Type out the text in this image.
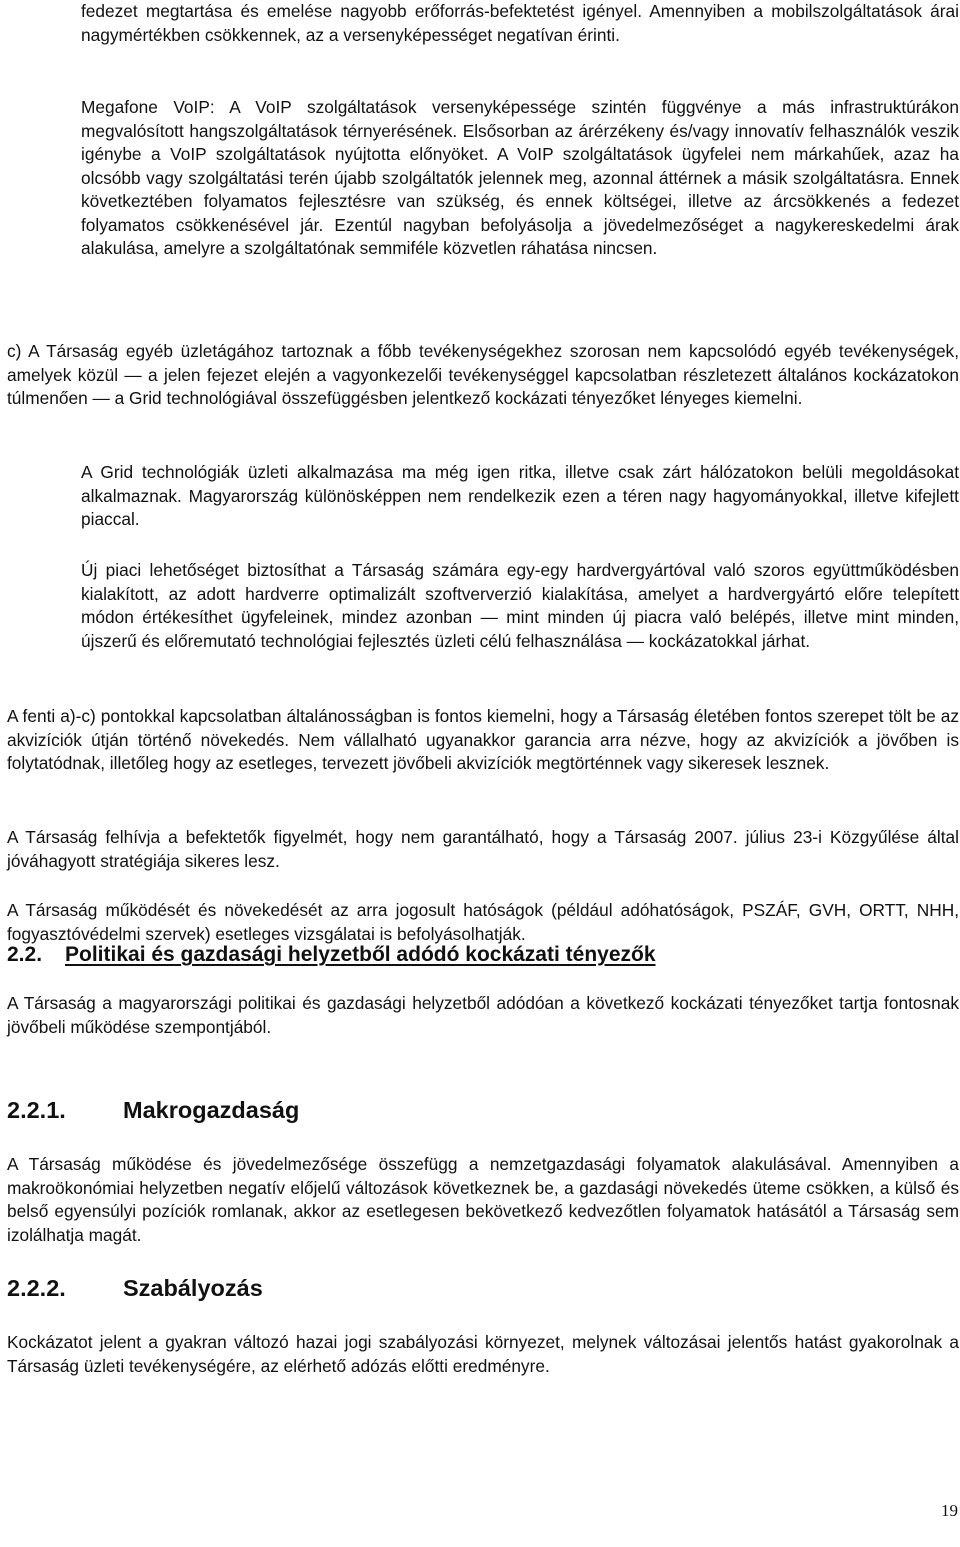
fedezet megtartása és emelése nagyobb erőforrás-befektetést igényel. Amennyiben a mobilszolgáltatások árai nagymértékben csökkennek, az a versenyképességet negatívan érinti.

Megafone VoIP: A VoIP szolgáltatások versenyképessége szintén függvénye a más infrastruktúrákon megvalósított hangszolgáltatások térnyerésének. Elsősorban az árérzékeny és/vagy innovatív felhasználók veszik igénybe a VoIP szolgáltatások nyújtotta előnyöket. A VoIP szolgáltatások ügyfelei nem márkahűek, azaz ha olcsóbb vagy szolgáltatási terén újabb szolgáltatók jelennek meg, azonnal áttérnek a másik szolgáltatásra. Ennek következtében folyamatos fejlesztésre van szükség, és ennek költségei, illetve az árcsökkenés a fedezet folyamatos csökkenésével jár. Ezentúl nagyban befolyásolja a jövedelmezőséget a nagykereskedelmi árak alakulása, amelyre a szolgáltatónak semmiféle közvetlen ráhatása nincsen.

c) A Társaság egyéb üzletágához tartoznak a főbb tevékenységekhez szorosan nem kapcsolódó egyéb tevékenységek, amelyek közül — a jelen fejezet elején a vagyonkezelői tevékenységgel kapcsolatban részletezett általános kockázatokon túlmenően — a Grid technológiával összefüggésben jelentkező kockázati tényezőket lényeges kiemelni.

A Grid technológiák üzleti alkalmazása ma még igen ritka, illetve csak zárt hálózatokon belüli megoldásokat alkalmaznak. Magyarország különösképpen nem rendelkezik ezen a téren nagy hagyományokkal, illetve kifejlett piaccal.

Új piaci lehetőséget biztosíthat a Társaság számára egy-egy hardvergyártóval való szoros együttműködésben kialakított, az adott hardverre optimalizált szoftververzió kialakítása, amelyet a hardvergyártó előre telepített módon értékesíthet ügyfeleinek, mindez azonban — mint minden új piacra való belépés, illetve mint minden, újszerű és előremutató technológiai fejlesztés üzleti célú felhasználása — kockázatokkal járhat.

A fenti a)-c) pontokkal kapcsolatban általánosságban is fontos kiemelni, hogy a Társaság életében fontos szerepet tölt be az akvizíciók útján történő növekedés. Nem vállalható ugyanakkor garancia arra nézve, hogy az akvizíciók a jövőben is folytatódnak, illetőleg hogy az esetleges, tervezett jövőbeli akvizíciók megtörténnek vagy sikeresek lesznek.

A Társaság felhívja a befektetők figyelmét, hogy nem garantálható, hogy a Társaság 2007. július 23-i Közgyűlése által jóváhagyott stratégiája sikeres lesz.

A Társaság működését és növekedését az arra jogosult hatóságok (például adóhatóságok, PSZÁF, GVH, ORTT, NHH, fogyasztóvédelmi szervek) esetleges vizsgálatai is befolyásolhatják.

2.2. Politikai és gazdasági helyzetből adódó kockázati tényezők

A Társaság a magyarországi politikai és gazdasági helyzetből adódóan a következő kockázati tényezőket tartja fontosnak jövőbeli működése szempontjából.

2.2.1. Makrogazdaság

A Társaság működése és jövedelmezősége összefügg a nemzetgazdasági folyamatok alakulásával. Amennyiben a makroökonómiai helyzetben negatív előjelű változások következnek be, a gazdasági növekedés üteme csökken, a külső és belső egyensúlyi pozíciók romlanak, akkor az esetlegesen bekövetkező kedvezőtlen folyamatok hatásától a Társaság sem izolálhatja magát.

2.2.2. Szabályozás

Kockázatot jelent a gyakran változó hazai jogi szabályozási környezet, melynek változásai jelentős hatást gyakorolnak a Társaság üzleti tevékenységére, az elérhető adózás előtti eredményre.

19
